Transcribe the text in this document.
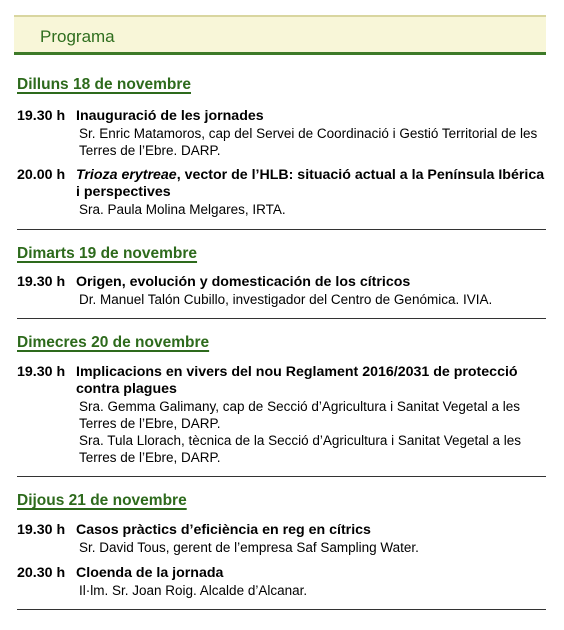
Programa
Dilluns 18 de novembre
19.30 h Inauguració de les jornades
Sr. Enric Matamoros, cap del Servei de Coordinació i Gestió Territorial de les Terres de l’Ebre. DARP.
20.00 h Trioza erytreae, vector de l’HLB: situació actual a la Península Ibérica i perspectives
Sra. Paula Molina Melgares, IRTA.
Dimarts 19 de novembre
19.30 h Origen, evolución y domesticación de los cítricos
Dr. Manuel Talón Cubillo, investigador del Centro de Genómica. IVIA.
Dimecres 20 de novembre
19.30 h Implicacions en vivers del nou Reglament 2016/2031 de protecció contra plagues
Sra. Gemma Galimany, cap de Secció d’Agricultura i Sanitat Vegetal a les Terres de l’Ebre, DARP.
Sra. Tula Llorach, tècnica de la Secció d’Agricultura i Sanitat Vegetal a les Terres de l’Ebre, DARP.
Dijous 21 de novembre
19.30 h Casos pràctics d’eficiència en reg en cítrics
Sr. David Tous, gerent de l’empresa Saf Sampling Water.
20.30 h Cloenda de la jornada
Il·lm. Sr. Joan Roig. Alcalde d’Alcanar.
